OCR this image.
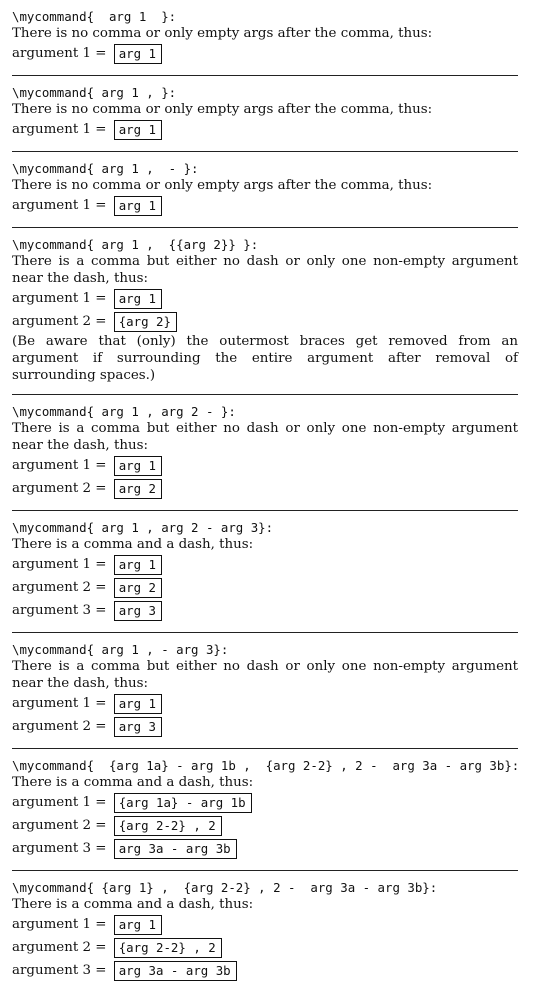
\mycommand{  arg 1  }:
There is no comma or only empty args after the comma, thus:
argument 1 = arg 1
\mycommand{ arg 1 , }:
There is no comma or only empty args after the comma, thus:
argument 1 = arg 1
\mycommand{ arg 1 ,  - }:
There is no comma or only empty args after the comma, thus:
argument 1 = arg 1
\mycommand{ arg 1 ,  {{arg 2}} }:
There is a comma but either no dash or only one non-empty argument near the dash, thus:
argument 1 = arg 1
argument 2 = {arg 2}
(Be aware that (only) the outermost braces get removed from an argument if surrounding the entire argument after removal of surrounding spaces.)
\mycommand{ arg 1 , arg 2 - }:
There is a comma but either no dash or only one non-empty argument near the dash, thus:
argument 1 = arg 1
argument 2 = arg 2
\mycommand{ arg 1 , arg 2 - arg 3}:
There is a comma and a dash, thus:
argument 1 = arg 1
argument 2 = arg 2
argument 3 = arg 3
\mycommand{ arg 1 , - arg 3}:
There is a comma but either no dash or only one non-empty argument near the dash, thus:
argument 1 = arg 1
argument 2 = arg 3
\mycommand{  {arg 1a} - arg 1b ,  {arg 2-2} , 2 -  arg 3a - arg 3b}:
There is a comma and a dash, thus:
argument 1 = {arg 1a} - arg 1b
argument 2 = {arg 2-2} , 2
argument 3 = arg 3a - arg 3b
\mycommand{ {arg 1} ,  {arg 2-2} , 2 -  arg 3a - arg 3b}:
There is a comma and a dash, thus:
argument 1 = arg 1
argument 2 = {arg 2-2} , 2
argument 3 = arg 3a - arg 3b
